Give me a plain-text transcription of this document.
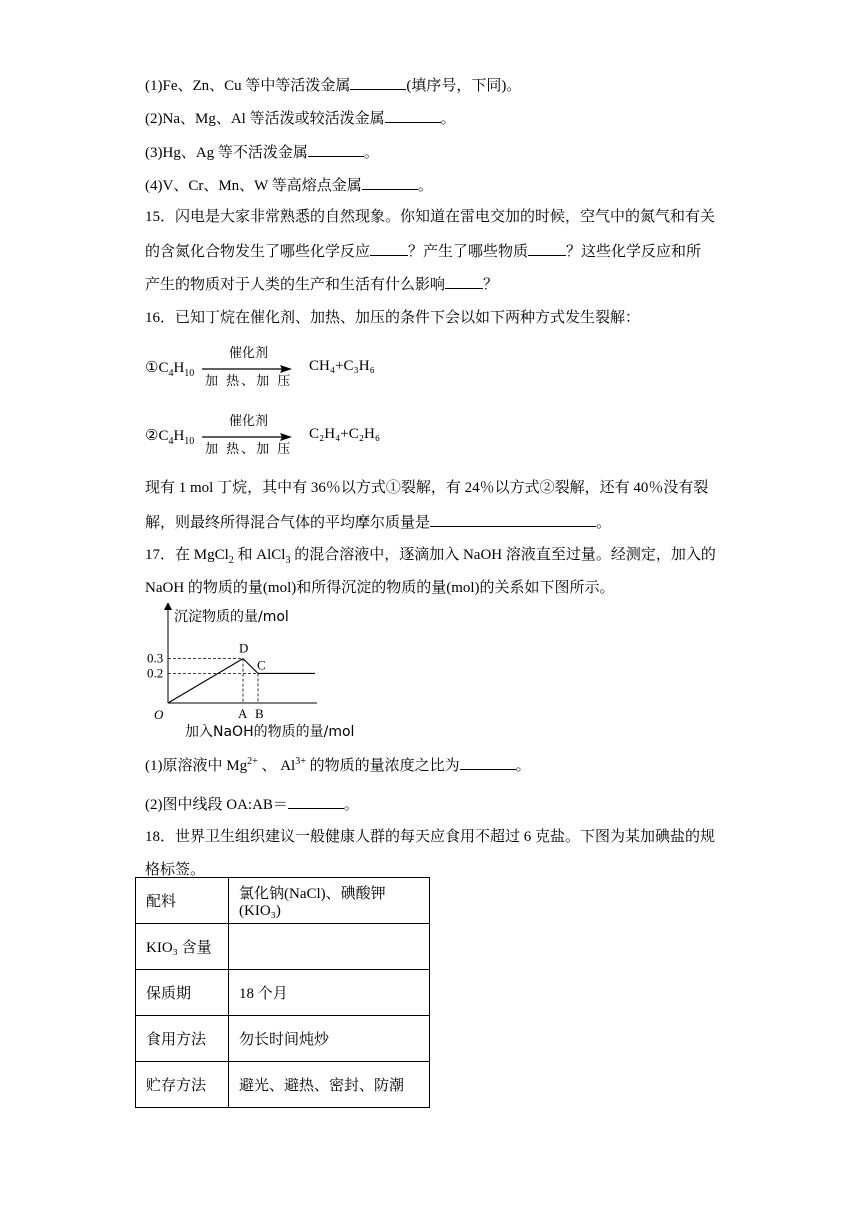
(1)Fe、Zn、Cu 等中等活泼金属	(填序号，下同)。
(2)Na、Mg、Al 等活泼或较活泼金属	。
(3)Hg、Ag 等不活泼金属	。
(4)V、Cr、Mn、W 等高熔点金属	。
15．闪电是大家非常熟悉的自然现象。你知道在雷电交加的时候，空气中的氮气和有关
的含氮化合物发生了哪些化学反应	？产生了哪些物质	？这些化学反应和所
产生的物质对于人类的生产和生活有什么影响	？
16．已知丁烷在催化剂、加热、加压的条件下会以如下两种方式发生裂解：
$①C_4H_{10}$
催化剂
加 热、加 压
CH₄+C₃H₆
$②C_4H_{10}$
催化剂
加 热、加 压
C₂H₄+C₂H₆
现有 1 mol 丁烷，其中有 36％以方式①裂解，有 24％以方式②裂解，还有 40％没有裂
解，则最终所得混合气体的平均摩尔质量是	。
17．在 MgCl$_2$ 和 AlCl$_3$ 的混合溶液中，逐滴加入 NaOH 溶液直至过量。经测定，加入的
NaOH 的物质的量(mol)和所得沉淀的物质的量(mol)的关系如下图所示。
沉淀物质的量/mol
加入NaOH的物质的量/mol
O
0.3
0.2
A B
D
C
(1)原溶液中 $Mg^{2+}$ 、 $Al^{3+}$ 的物质的量浓度之比为	。
(2)图中线段 OA:AB＝	。
18．世界卫生组织建议一般健康人群的每天应食用不超过 6 克盐。下图为某加碘盐的规
格标签。
配料	氯化钠(NaCl)、碘酸钾(KIO₃)
KIO₃ 含量	
保质期	18 个月
食用方法	勿长时间炖炒
贮存方法	避光、避热、密封、防潮
